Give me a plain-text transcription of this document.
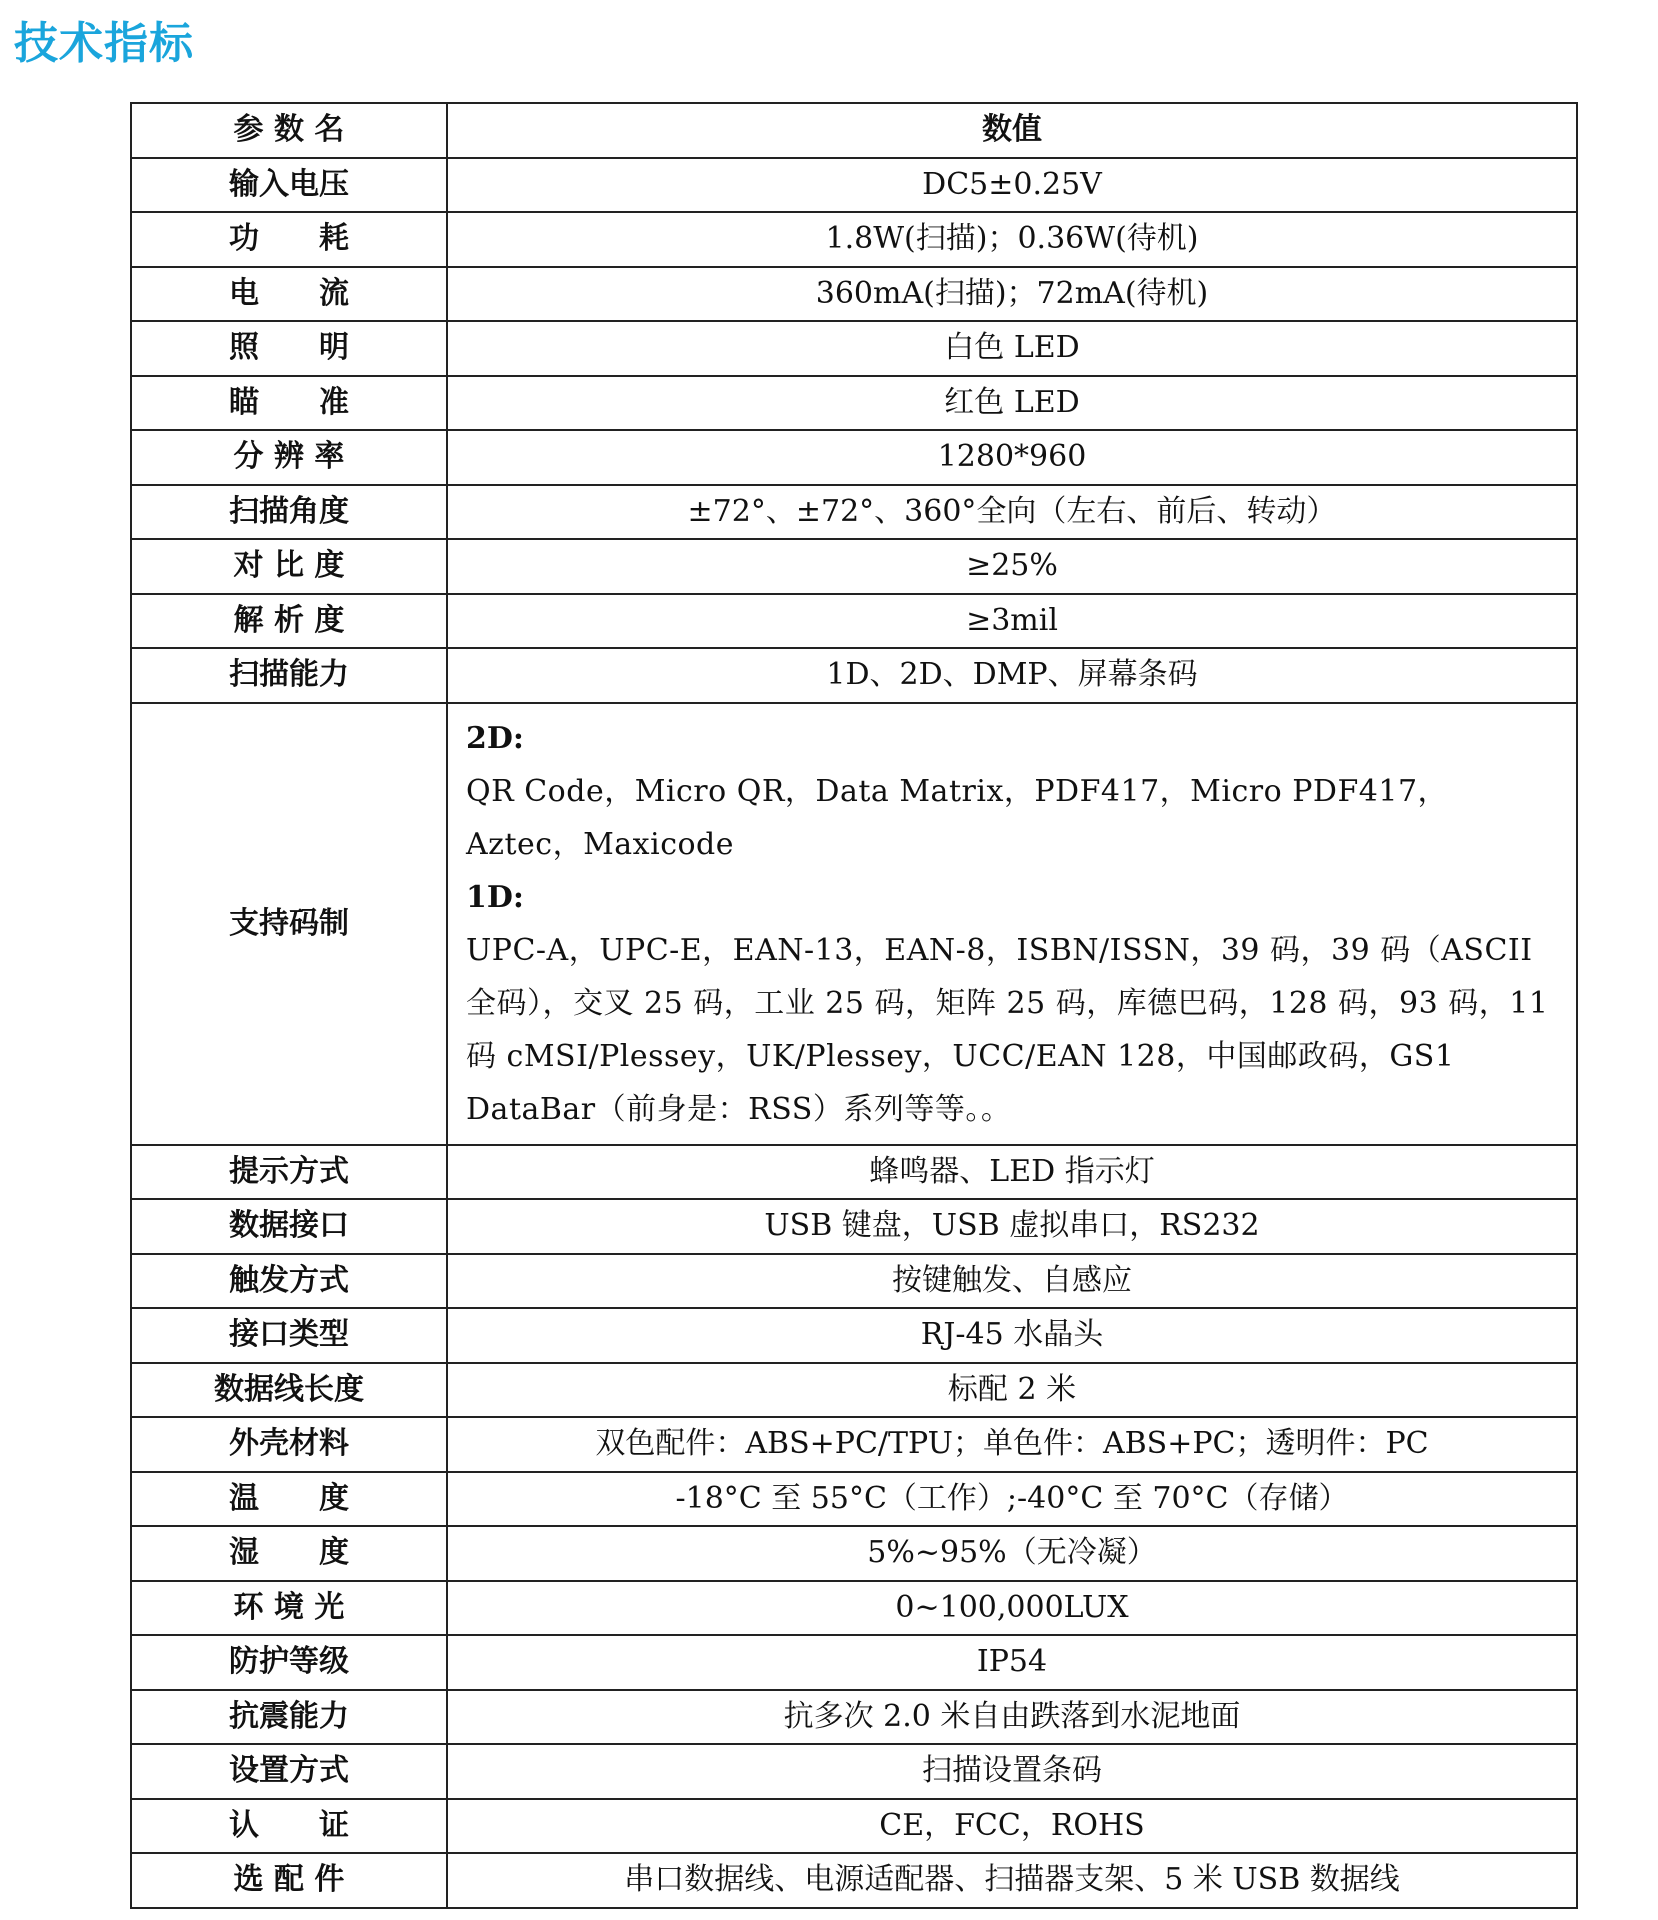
技术指标
参 数 名	数值
输入电压	DC5±0.25V
功　　耗	1.8W(扫描)；0.36W(待机)
电　　流	360mA(扫描)；72mA(待机)
照　　明	白色 LED
瞄　　准	红色 LED
分 辨 率	1280*960
扫描角度	±72°、±72°、360°全向（左右、前后、转动）
对 比 度	≥25%
解 析 度	≥3mil
扫描能力	1D、2D、DMP、屏幕条码
支持码制	2D:
QR Code，Micro QR，Data Matrix，PDF417，Micro PDF417， Aztec，Maxicode
1D:
UPC-A，UPC-E，EAN-13，EAN-8，ISBN/ISSN，39 码，39 码（ASCII 全码），交叉 25 码，工业 25 码，矩阵 25 码，库德巴码，128 码，93 码，11 码 cMSI/Plessey，UK/Plessey，UCC/EAN 128，中国邮政码，GS1 DataBar（前身是：RSS）系列等等。。

提示方式	蜂鸣器、LED 指示灯
数据接口	USB 键盘，USB 虚拟串口，RS232
触发方式	按键触发、自感应
接口类型	RJ-45 水晶头
数据线长度	标配 2 米
外壳材料	双色配件：ABS+PC/TPU；单色件：ABS+PC；透明件：PC
温　　度	-18°C 至 55°C（工作）;-40°C 至 70°C（存储）
湿　　度	5%~95%（无冷凝）
环 境 光	0~100,000LUX
防护等级	IP54
抗震能力	抗多次 2.0 米自由跌落到水泥地面
设置方式	扫描设置条码
认　　证	CE，FCC，ROHS
选 配 件	串口数据线、电源适配器、扫描器支架、5 米 USB 数据线
